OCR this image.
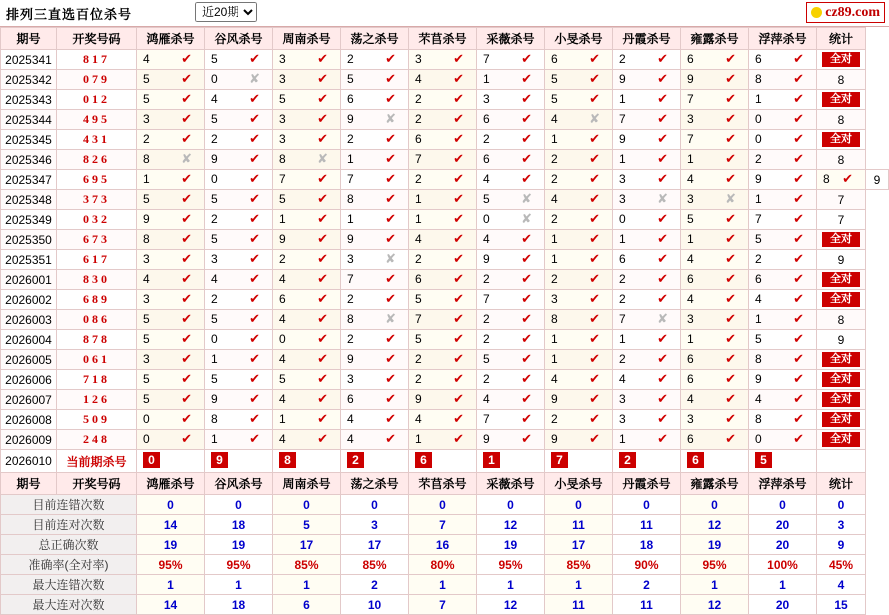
排列三直选百位杀号
近20期	cz89.com
期号	开奖号码	鸿雁杀号	谷风杀号	周南杀号	荡之杀号	芣苢杀号	采薇杀号	小旻杀号	丹霞杀号	雍露杀号	浮萍杀号	统计	
2025341	817	4 ✔	5 ✔	3 ✔	2 ✔	3 ✔	7 ✔	6 ✔	2 ✔	6 ✔	6 ✔	全对	

2025342	079	5 ✔	0 ✘	3 ✔	5 ✔	4 ✔	1 ✔	5 ✔	9 ✔	9 ✔	8 ✔	8	
2025343	012	5 ✔	4 ✔	5 ✔	6 ✔	2 ✔	3 ✔	5 ✔	1 ✔	7 ✔	1 ✔	全对	

2025344	495	3 ✔	5 ✔	3 ✔	9 ✘	2 ✔	6 ✔	4 ✘	7 ✔	3 ✔	0 ✔	8	
2025345	431	2 ✔	2 ✔	3 ✔	2 ✔	6 ✔	2 ✔	1 ✔	9 ✔	7 ✔	0 ✔	全对	

2025346	826	8 ✘	9 ✔	8 ✘	1 ✔	7 ✔	6 ✔	2 ✔	1 ✔	1 ✔	2 ✔	8	
2025347	695	1 ✔	0 ✔	7 ✔	7 ✔	2 ✔	4 ✔	2 ✔	3 ✔	4 ✔	9 ✔	8 ✔	9
2025348	373	5 ✔	5 ✔	5 ✔	8 ✔	1 ✔	5 ✘	4 ✔	3 ✘	3 ✘	1 ✔	7	
2025349	032	9 ✔	2 ✔	1 ✔	1 ✔	1 ✔	0 ✘	2 ✔	0 ✔	5 ✔	7 ✔	7	
2025350	673	8 ✔	5 ✔	9 ✔	9 ✔	4 ✔	4 ✔	1 ✔	1 ✔	1 ✔	5 ✔	全对	

2025351	617	3 ✔	3 ✔	2 ✔	3 ✘	2 ✔	9 ✔	1 ✔	6 ✔	4 ✔	2 ✔	9	
2026001	830	4 ✔	4 ✔	4 ✔	7 ✔	6 ✔	2 ✔	2 ✔	2 ✔	6 ✔	6 ✔	全对	

2026002	689	3 ✔	2 ✔	6 ✔	2 ✔	5 ✔	7 ✔	3 ✔	2 ✔	4 ✔	4 ✔	全对	

2026003	086	5 ✔	5 ✔	4 ✔	8 ✘	7 ✔	2 ✔	8 ✔	7 ✘	3 ✔	1 ✔	8	
2026004	878	5 ✔	0 ✔	0 ✔	2 ✔	5 ✔	2 ✔	1 ✔	1 ✔	1 ✔	5 ✔	9	
2026005	061	3 ✔	1 ✔	4 ✔	9 ✔	2 ✔	5 ✔	1 ✔	2 ✔	6 ✔	8 ✔	全对	

2026006	718	5 ✔	5 ✔	5 ✔	3 ✔	2 ✔	2 ✔	4 ✔	4 ✔	6 ✔	9 ✔	全对	

2026007	126	5 ✔	9 ✔	4 ✔	6 ✔	9 ✔	4 ✔	9 ✔	3 ✔	4 ✔	4 ✔	全对	

2026008	509	0 ✔	8 ✔	1 ✔	4 ✔	4 ✔	7 ✔	2 ✔	3 ✔	3 ✔	8 ✔	全对	

2026009	248	0 ✔	1 ✔	4 ✔	4 ✔	1 ✔	9 ✔	9 ✔	1 ✔	6 ✔	0 ✔	全对	

2026010	当前期杀号	0	9	8	2	6	1	7	2	6	5		

期号	开奖号码	鸿雁杀号	谷风杀号	周南杀号	荡之杀号	芣苢杀号	采薇杀号	小旻杀号	丹霞杀号	雍露杀号	浮萍杀号	统计	
目前连错次数		0	0	0	0	0	0	0	0	0	0	0	
目前连对次数		14	18	5	3	7	12	11	11	12	20	3	
总正确次数		19	19	17	17	16	19	17	18	19	20	9	
准确率(全对率)		95%	95%	85%	85%	80%	95%	85%	90%	95%	100%	45%	
最大连错次数		1	1	1	2	1	1	1	2	1	1	4	
最大连对次数		14	18	6	10	7	12	11	11	12	20	15	
